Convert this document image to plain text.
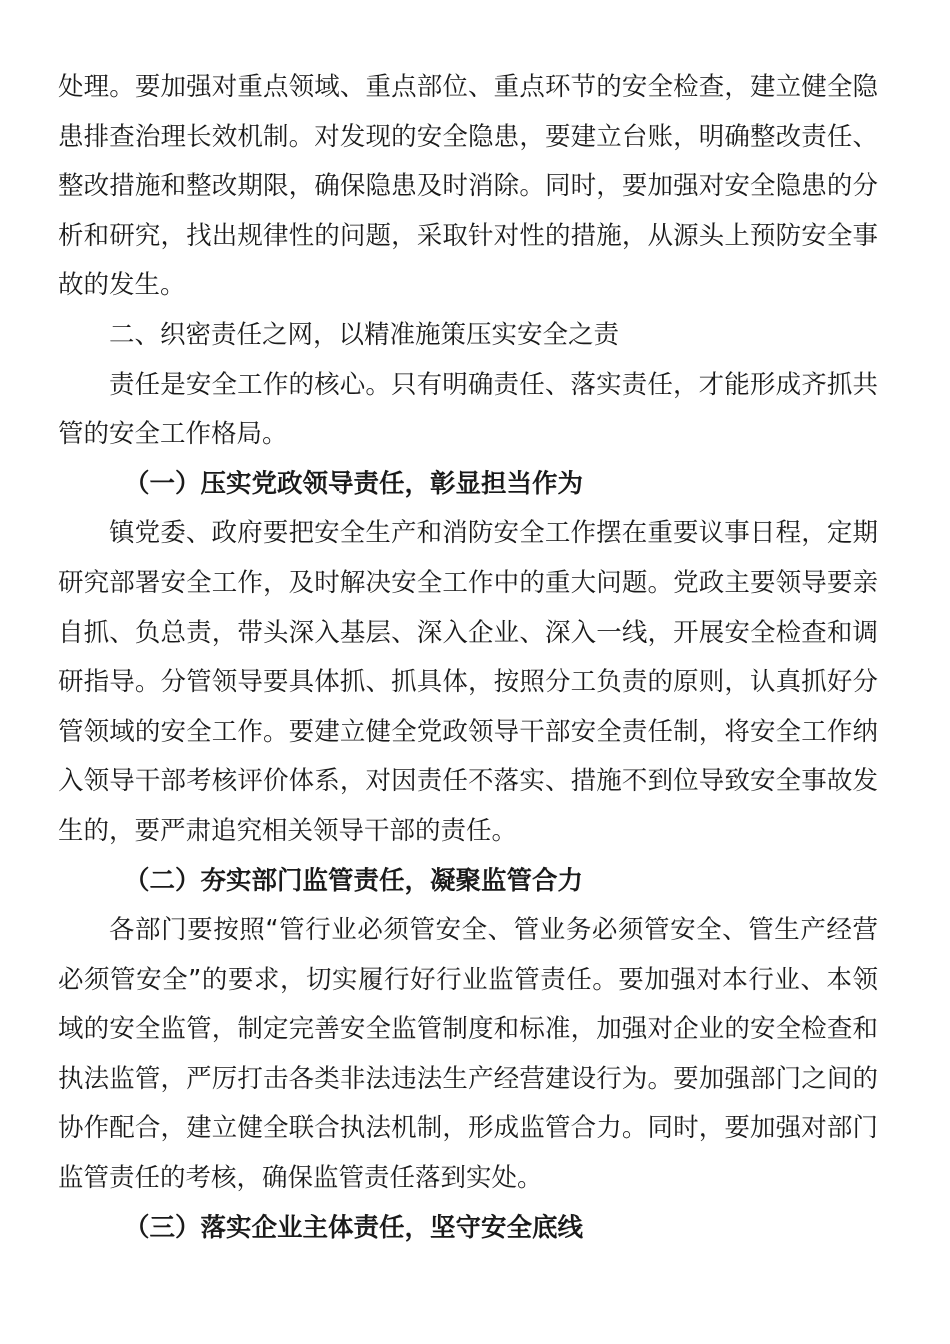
处理。要加强对重点领域、重点部位、重点环节的安全检查，建立健全隐患排查治理长效机制。对发现的安全隐患，要建立台账，明确整改责任、整改措施和整改期限，确保隐患及时消除。同时，要加强对安全隐患的分析和研究，找出规律性的问题，采取针对性的措施，从源头上预防安全事故的发生。

二、织密责任之网，以精准施策压实安全之责

责任是安全工作的核心。只有明确责任、落实责任，才能形成齐抓共管的安全工作格局。

（一）压实党政领导责任，彰显担当作为

镇党委、政府要把安全生产和消防安全工作摆在重要议事日程，定期研究部署安全工作，及时解决安全工作中的重大问题。党政主要领导要亲自抓、负总责，带头深入基层、深入企业、深入一线，开展安全检查和调研指导。分管领导要具体抓、抓具体，按照分工负责的原则，认真抓好分管领域的安全工作。要建立健全党政领导干部安全责任制，将安全工作纳入领导干部考核评价体系，对因责任不落实、措施不到位导致安全事故发生的，要严肃追究相关领导干部的责任。

（二）夯实部门监管责任，凝聚监管合力

各部门要按照“管行业必须管安全、管业务必须管安全、管生产经营必须管安全”的要求，切实履行好行业监管责任。要加强对本行业、本领域的安全监管，制定完善安全监管制度和标准，加强对企业的安全检查和执法监管，严厉打击各类非法违法生产经营建设行为。要加强部门之间的协作配合，建立健全联合执法机制，形成监管合力。同时，要加强对部门监管责任的考核，确保监管责任落到实处。

（三）落实企业主体责任，坚守安全底线
